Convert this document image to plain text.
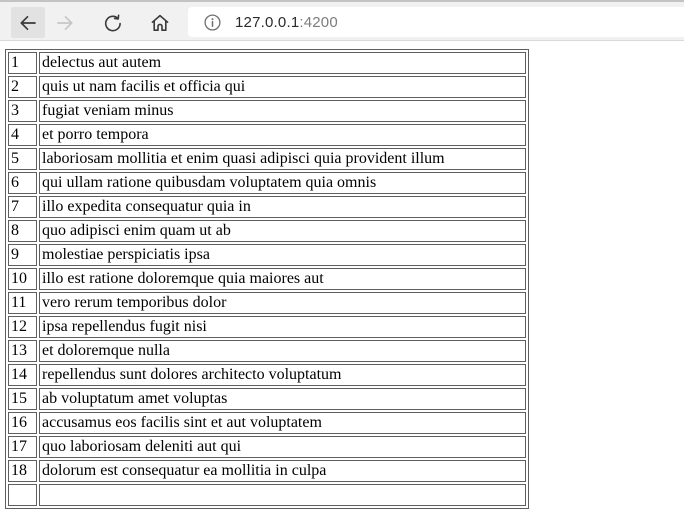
127.0.0.1:4200
1	delectus aut autem
2	quis ut nam facilis et officia qui
3	fugiat veniam minus
4	et porro tempora
5	laboriosam mollitia et enim quasi adipisci quia provident illum
6	qui ullam ratione quibusdam voluptatem quia omnis
7	illo expedita consequatur quia in
8	quo adipisci enim quam ut ab
9	molestiae perspiciatis ipsa
10	illo est ratione doloremque quia maiores aut
11	vero rerum temporibus dolor
12	ipsa repellendus fugit nisi
13	et doloremque nulla
14	repellendus sunt dolores architecto voluptatum
15	ab voluptatum amet voluptas
16	accusamus eos facilis sint et aut voluptatem
17	quo laboriosam deleniti aut qui
18	dolorum est consequatur ea mollitia in culpa
